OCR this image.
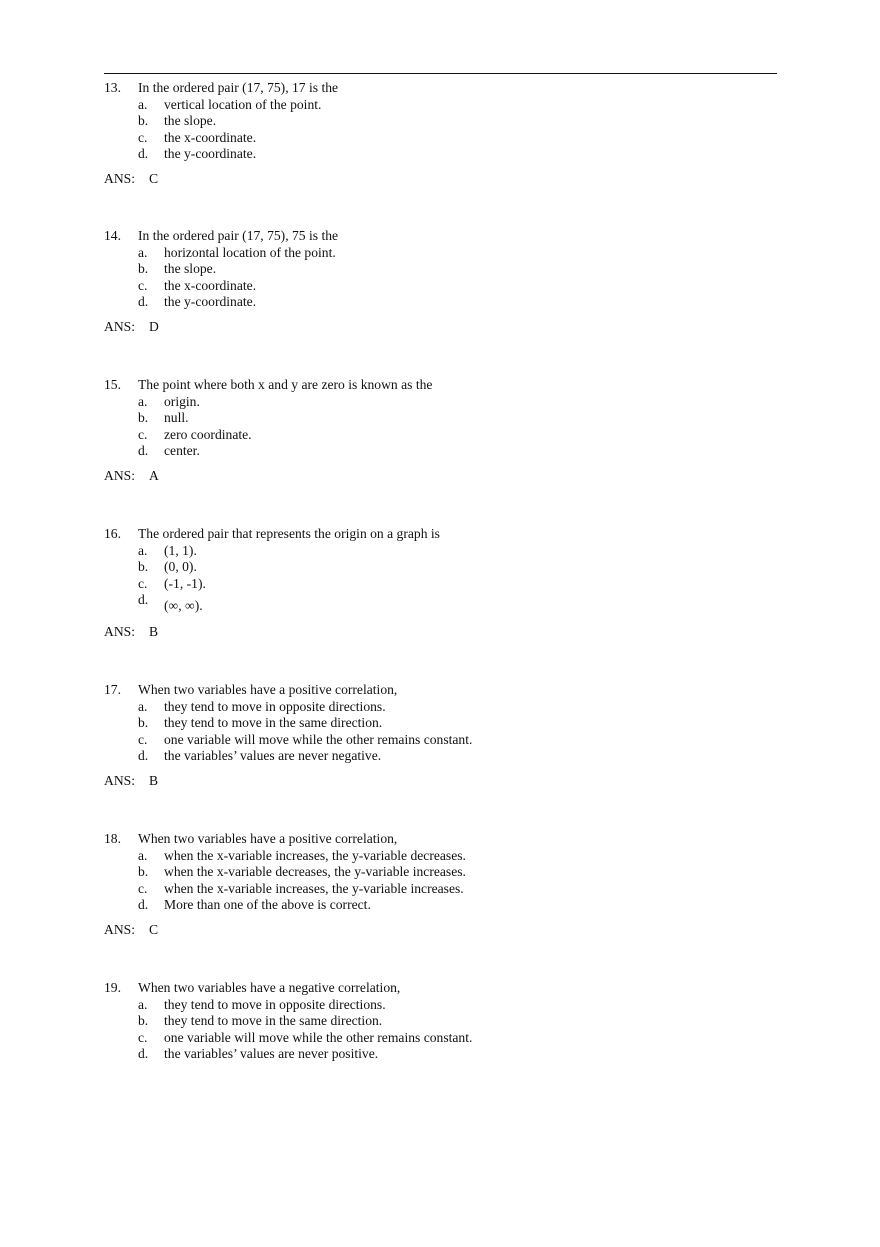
13. In the ordered pair (17, 75), 17 is the
a. vertical location of the point.
b. the slope.
c. the x-coordinate.
d. the y-coordinate.
ANS: C
14. In the ordered pair (17, 75), 75 is the
a. horizontal location of the point.
b. the slope.
c. the x-coordinate.
d. the y-coordinate.
ANS: D
15. The point where both x and y are zero is known as the
a. origin.
b. null.
c. zero coordinate.
d. center.
ANS: A
16. The ordered pair that represents the origin on a graph is
a. (1, 1).
b. (0, 0).
c. (-1, -1).
d. (∞, ∞).
ANS: B
17. When two variables have a positive correlation,
a. they tend to move in opposite directions.
b. they tend to move in the same direction.
c. one variable will move while the other remains constant.
d. the variables’ values are never negative.
ANS: B
18. When two variables have a positive correlation,
a. when the x-variable increases, the y-variable decreases.
b. when the x-variable decreases, the y-variable increases.
c. when the x-variable increases, the y-variable increases.
d. More than one of the above is correct.
ANS: C
19. When two variables have a negative correlation,
a. they tend to move in opposite directions.
b. they tend to move in the same direction.
c. one variable will move while the other remains constant.
d. the variables’ values are never positive.
